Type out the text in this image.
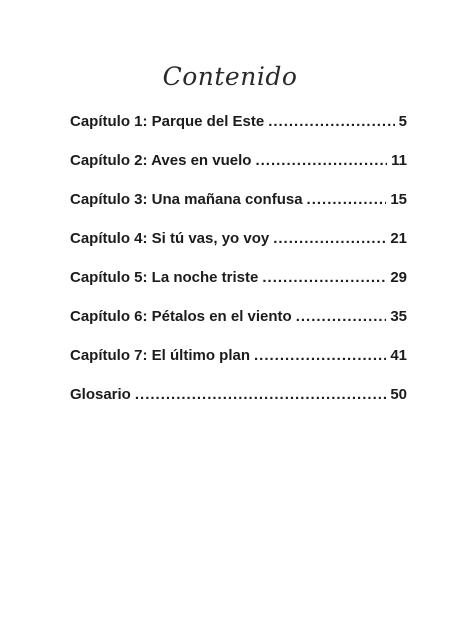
Contenido
Capítulo 1: Parque del Este .....	5
Capítulo 2: Aves en vuelo .....	11
Capítulo 3: Una mañana confusa .....	15
Capítulo 4: Si tú vas, yo voy .....	21
Capítulo 5: La noche triste .....	29
Capítulo 6: Pétalos en el viento .....	35
Capítulo 7: El último plan .....	41
Glosario .....	50
